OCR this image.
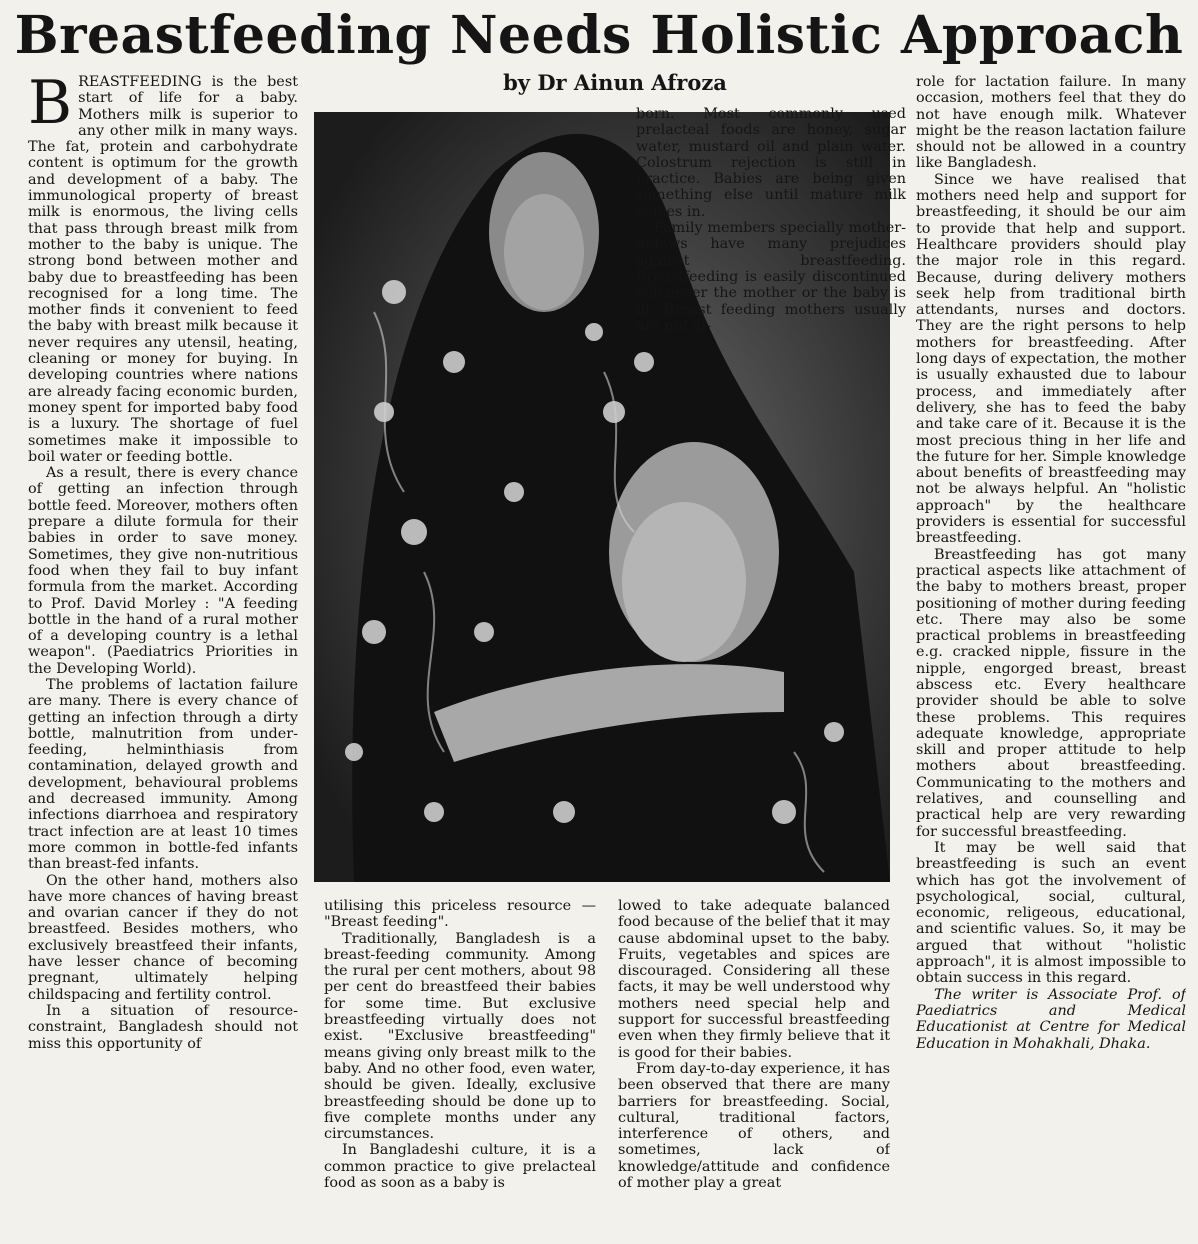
Breastfeeding Needs Holistic Approach
by Dr Ainun Afroza
B REASTFEEDING is the best start of life for a baby. Mothers milk is superior to any other milk in many ways. The fat, protein and carbohydrate content is optimum for the growth and development of a baby. The immunological property of breast milk is enormous, the living cells that pass through breast milk from mother to the baby is unique. The strong bond between mother and baby due to breastfeeding has been recognised for a long time. The mother finds it convenient to feed the baby with breast milk because it never requires any utensil, heating, cleaning or money for buying. In developing countries where nations are already facing economic burden, money spent for imported baby food is a luxury. The shortage of fuel sometimes make it impossible to boil water or feeding bottle.

As a result, there is every chance of getting an infection through bottle feed. Moreover, mothers often prepare a dilute formula for their babies in order to save money. Sometimes, they give non-nutritious food when they fail to buy infant formula from the market. According to Prof. David Morley : "A feeding bottle in the hand of a rural mother of a developing country is a lethal weapon". (Paediatrics Priorities in the Developing World).

The problems of lactation failure are many. There is every chance of getting an infection through a dirty bottle, malnutrition from under-feeding, helminthiasis from contamination, delayed growth and development, behavioural problems and decreased immunity. Among infections diarrhoea and respiratory tract infection are at least 10 times more common in bottle-fed infants than breast-fed infants.

On the other hand, mothers also have more chances of having breast and ovarian cancer if they do not breastfeed. Besides mothers, who exclusively breastfeed their infants, have lesser chance of becoming pregnant, ultimately helping childspacing and fertility control.

In a situation of resource-constraint, Bangladesh should not miss this opportunity of

born. Most commonly used prelacteal foods are honey, sugar water, mustard oil and plain water. Colostrum rejection is still in practice. Babies are being given something else until mature milk comes in.

Family members specially mother-in-laws have many prejudices against breastfeeding. Breastfeeding is easily discontinued whenever the mother or the baby is ill. Breast feeding mothers usually are not al-

utilising this priceless resource — "Breast feeding".

Traditionally, Bangladesh is a breast-feeding community. Among the rural per cent mothers, about 98 per cent do breastfeed their babies for some time. But exclusive breastfeeding virtually does not exist. "Exclusive breastfeeding" means giving only breast milk to the baby. And no other food, even water, should be given. Ideally, exclusive breastfeeding should be done up to five complete months under any circumstances.

In Bangladeshi culture, it is a common practice to give prelacteal food as soon as a baby is

lowed to take adequate balanced food because of the belief that it may cause abdominal upset to the baby. Fruits, vegetables and spices are discouraged. Considering all these facts, it may be well understood why mothers need special help and support for successful breastfeeding even when they firmly believe that it is good for their babies.

From day-to-day experience, it has been observed that there are many barriers for breastfeeding. Social, cultural, traditional factors, interference of others, and sometimes, lack of knowledge/attitude and confidence of mother play a great

role for lactation failure. In many occasion, mothers feel that they do not have enough milk. Whatever might be the reason lactation failure should not be allowed in a country like Bangladesh.

Since we have realised that mothers need help and support for breastfeeding, it should be our aim to provide that help and support. Healthcare providers should play the major role in this regard. Because, during delivery mothers seek help from traditional birth attendants, nurses and doctors. They are the right persons to help mothers for breastfeeding. After long days of expectation, the mother is usually exhausted due to labour process, and immediately after delivery, she has to feed the baby and take care of it. Because it is the most precious thing in her life and the future for her. Simple knowledge about benefits of breastfeeding may not be always helpful. An "holistic approach" by the healthcare providers is essential for successful breastfeeding.

Breastfeeding has got many practical aspects like attachment of the baby to mothers breast, proper positioning of mother during feeding etc. There may also be some practical problems in breastfeeding e.g. cracked nipple, fissure in the nipple, engorged breast, breast abscess etc. Every healthcare provider should be able to solve these problems. This requires adequate knowledge, appropriate skill and proper attitude to help mothers about breastfeeding. Communicating to the mothers and relatives, and counselling and practical help are very rewarding for successful breastfeeding.

It may be well said that breastfeeding is such an event which has got the involvement of psychological, social, cultural, economic, religeous, educational, and scientific values. So, it may be argued that without "holistic approach", it is almost impossible to obtain success in this regard.

The writer is Associate Prof. of Paediatrics and Medical Educationist at Centre for Medical Education in Mohakhali, Dhaka.
